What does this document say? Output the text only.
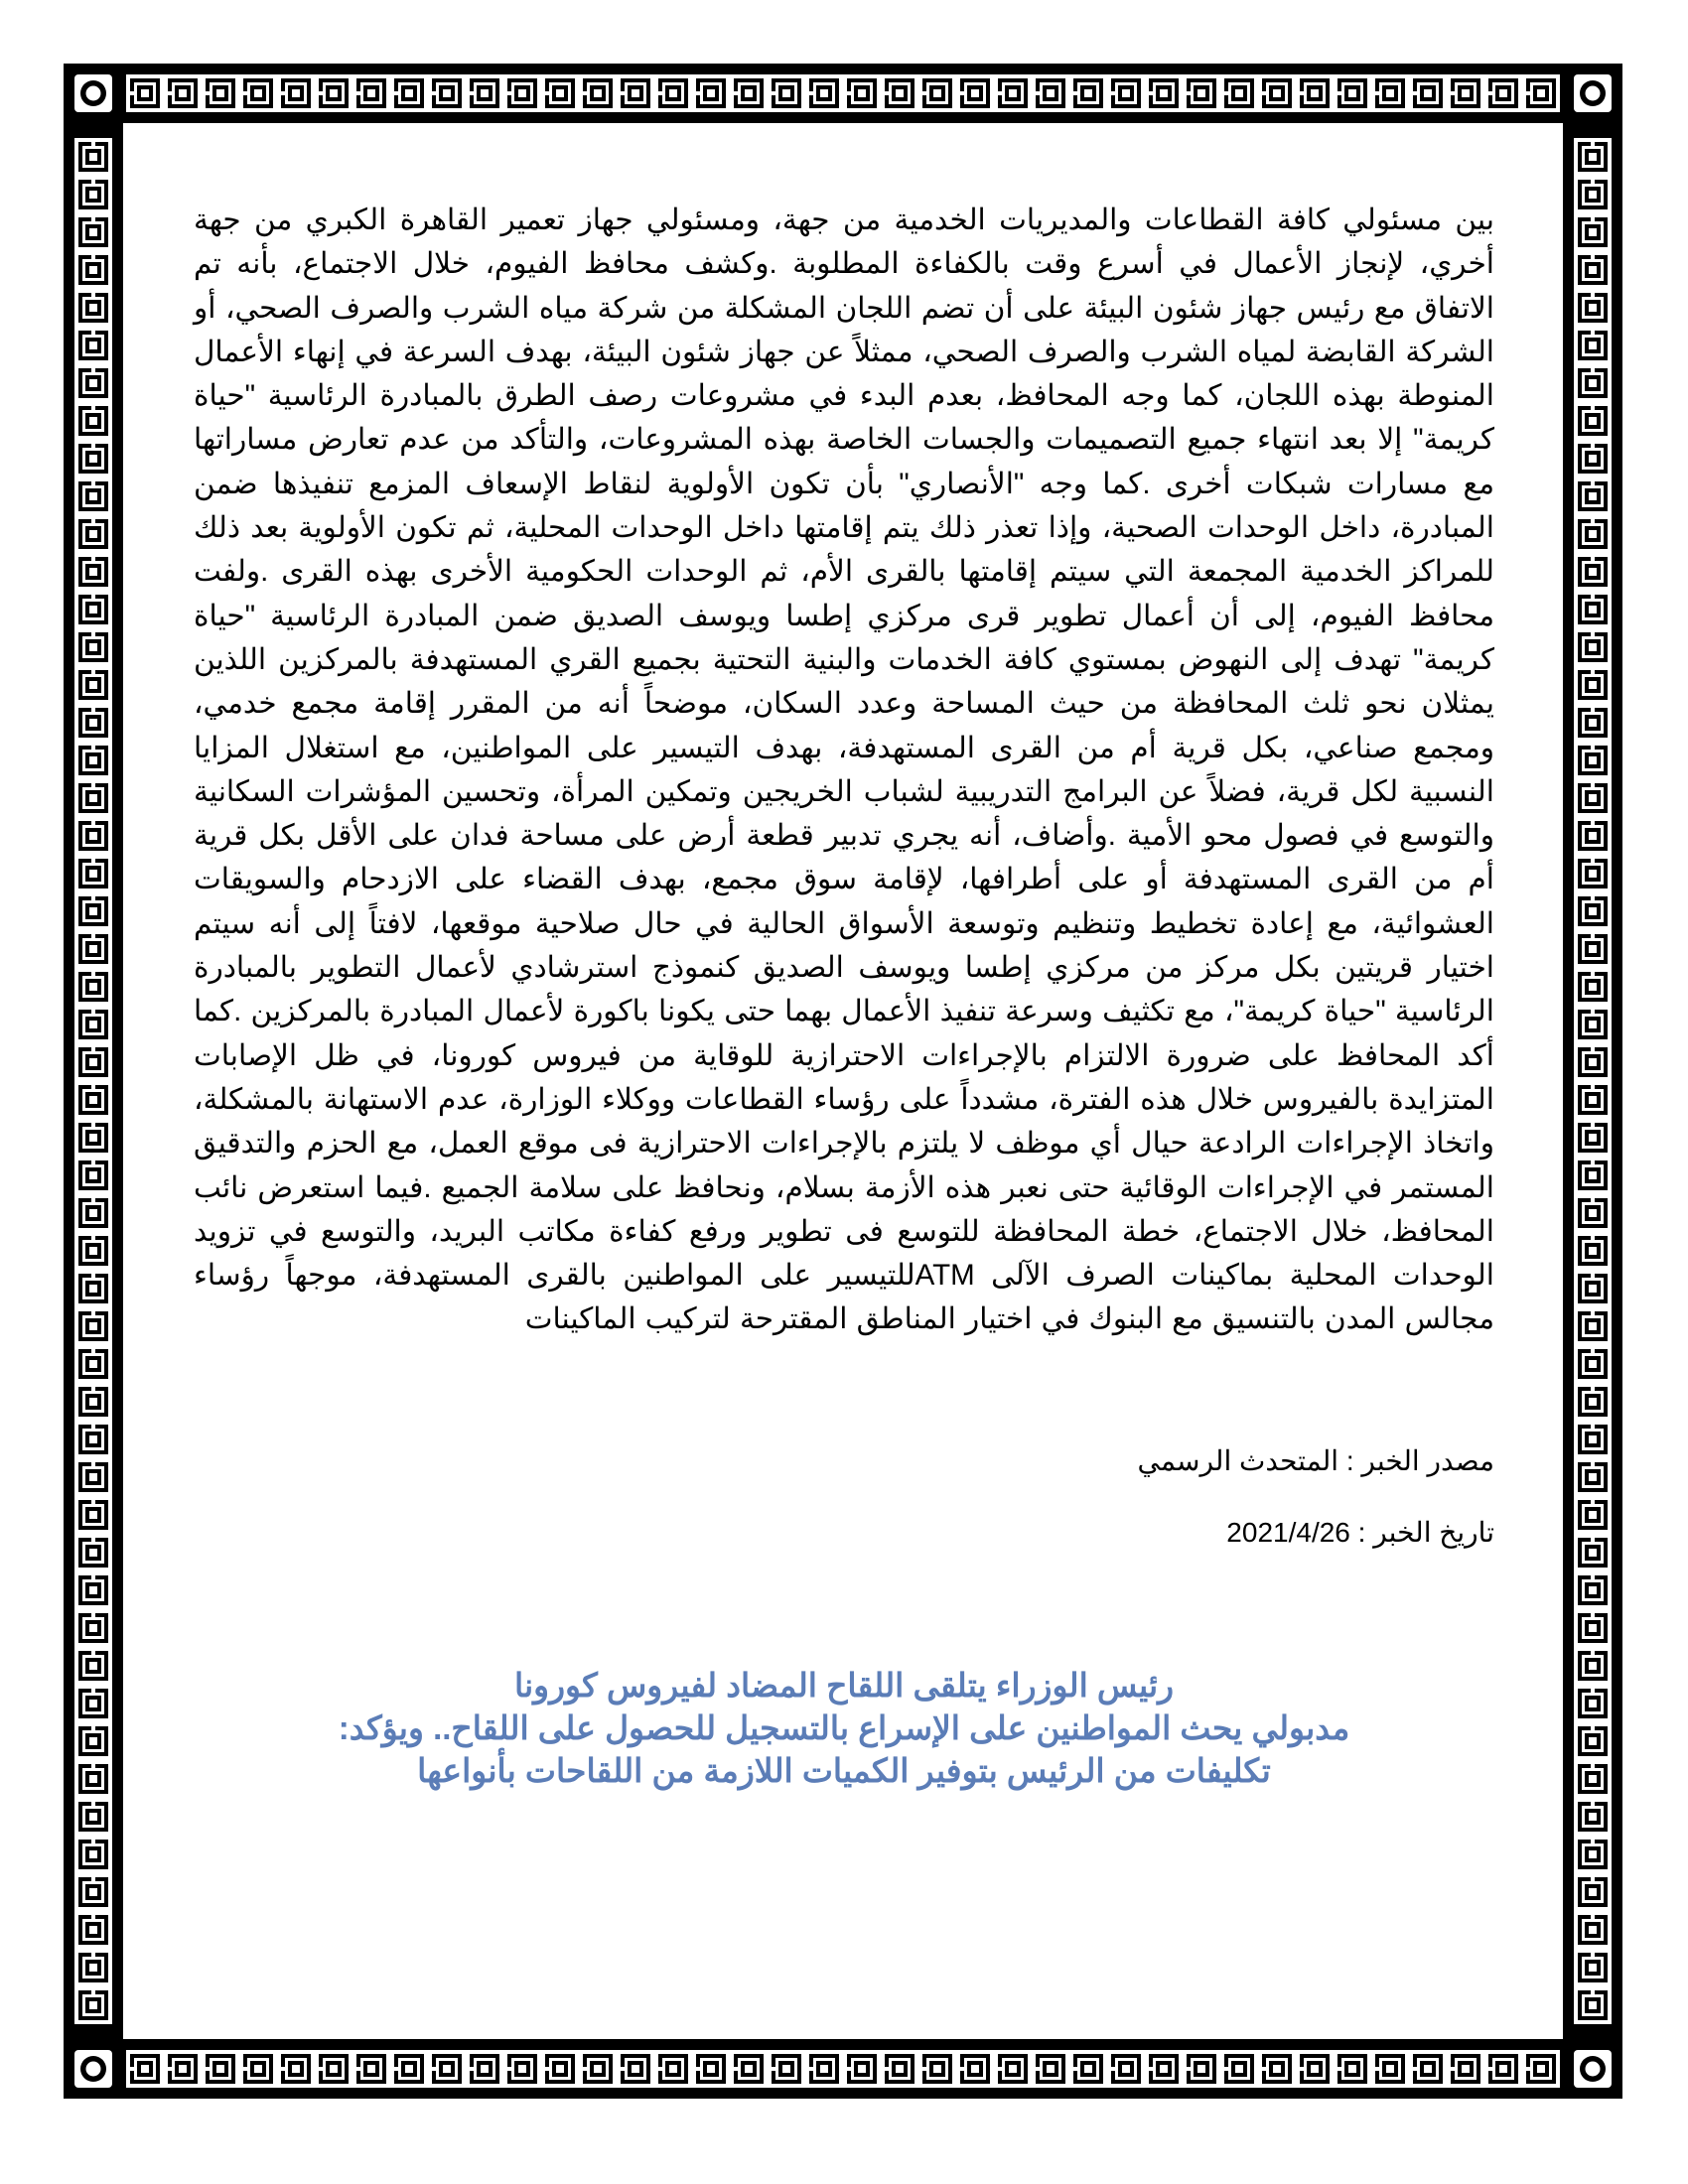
بين مسئولي كافة القطاعات والمديريات الخدمية من جهة، ومسئولي جهاز تعمير القاهرة الكبري من جهة أخري، لإنجاز الأعمال في أسرع وقت بالكفاءة المطلوبة .وكشف محافظ الفيوم، خلال الاجتماع، بأنه تم الاتفاق مع رئيس جهاز شئون البيئة على أن تضم اللجان المشكلة من شركة مياه الشرب والصرف الصحي، أو الشركة القابضة لمياه الشرب والصرف الصحي، ممثلاً عن جهاز شئون البيئة، بهدف السرعة في إنهاء الأعمال المنوطة بهذه اللجان، كما وجه المحافظ، بعدم البدء في مشروعات رصف الطرق بالمبادرة الرئاسية "حياة كريمة" إلا بعد انتهاء جميع التصميمات والجسات الخاصة بهذه المشروعات، والتأكد من عدم تعارض مساراتها مع مسارات شبكات أخرى .كما وجه "الأنصاري" بأن تكون الأولوية لنقاط الإسعاف المزمع تنفيذها ضمن المبادرة، داخل الوحدات الصحية، وإذا تعذر ذلك يتم إقامتها داخل الوحدات المحلية، ثم تكون الأولوية بعد ذلك للمراكز الخدمية المجمعة التي سيتم إقامتها بالقرى الأم، ثم الوحدات الحكومية الأخرى بهذه القرى .ولفت محافظ الفيوم، إلى أن أعمال تطوير قرى مركزي إطسا ويوسف الصديق ضمن المبادرة الرئاسية "حياة كريمة" تهدف إلى النهوض بمستوي كافة الخدمات والبنية التحتية بجميع القري المستهدفة بالمركزين اللذين يمثلان نحو ثلث المحافظة من حيث المساحة وعدد السكان، موضحاً أنه من المقرر إقامة مجمع خدمي، ومجمع صناعي، بكل قرية أم من القرى المستهدفة، بهدف التيسير على المواطنين، مع استغلال المزايا النسبية لكل قرية، فضلاً عن البرامج التدريبية لشباب الخريجين وتمكين المرأة، وتحسين المؤشرات السكانية والتوسع في فصول محو الأمية .وأضاف، أنه يجري تدبير قطعة أرض على مساحة فدان على الأقل بكل قرية أم من القرى المستهدفة أو على أطرافها، لإقامة سوق مجمع، بهدف القضاء على الازدحام والسويقات العشوائية، مع إعادة تخطيط وتنظيم وتوسعة الأسواق الحالية في حال صلاحية موقعها، لافتاً إلى أنه سيتم اختيار قريتين بكل مركز من مركزي إطسا ويوسف الصديق كنموذج استرشادي لأعمال التطوير بالمبادرة الرئاسية "حياة كريمة"، مع تكثيف وسرعة تنفيذ الأعمال بهما حتى يكونا باكورة لأعمال المبادرة بالمركزين .كما أكد المحافظ على ضرورة الالتزام بالإجراءات الاحترازية للوقاية من فيروس كورونا، في ظل الإصابات المتزايدة بالفيروس خلال هذه الفترة، مشدداً على رؤساء القطاعات ووكلاء الوزارة، عدم الاستهانة بالمشكلة، واتخاذ الإجراءات الرادعة حيال أي موظف لا يلتزم بالإجراءات الاحترازية فى موقع العمل، مع الحزم والتدقيق المستمر في الإجراءات الوقائية حتى نعبر هذه الأزمة بسلام، ونحافظ على سلامة الجميع .فيما استعرض نائب المحافظ، خلال الاجتماع، خطة المحافظة للتوسع فى تطوير ورفع كفاءة مكاتب البريد، والتوسع في تزويد الوحدات المحلية بماكينات الصرف الآلى ATMللتيسير على المواطنين بالقرى المستهدفة، موجهاً رؤساء مجالس المدن بالتنسيق مع البنوك في اختيار المناطق المقترحة لتركيب الماكينات

مصدر الخبر : المتحدث الرسمي

تاريخ الخبر : 2021/4/26

رئيس الوزراء يتلقى اللقاح المضاد لفيروس كورونا
مدبولي يحث المواطنين على الإسراع بالتسجيل للحصول على اللقاح.. ويؤكد:
تكليفات من الرئيس بتوفير الكميات اللازمة من اللقاحات بأنواعها
